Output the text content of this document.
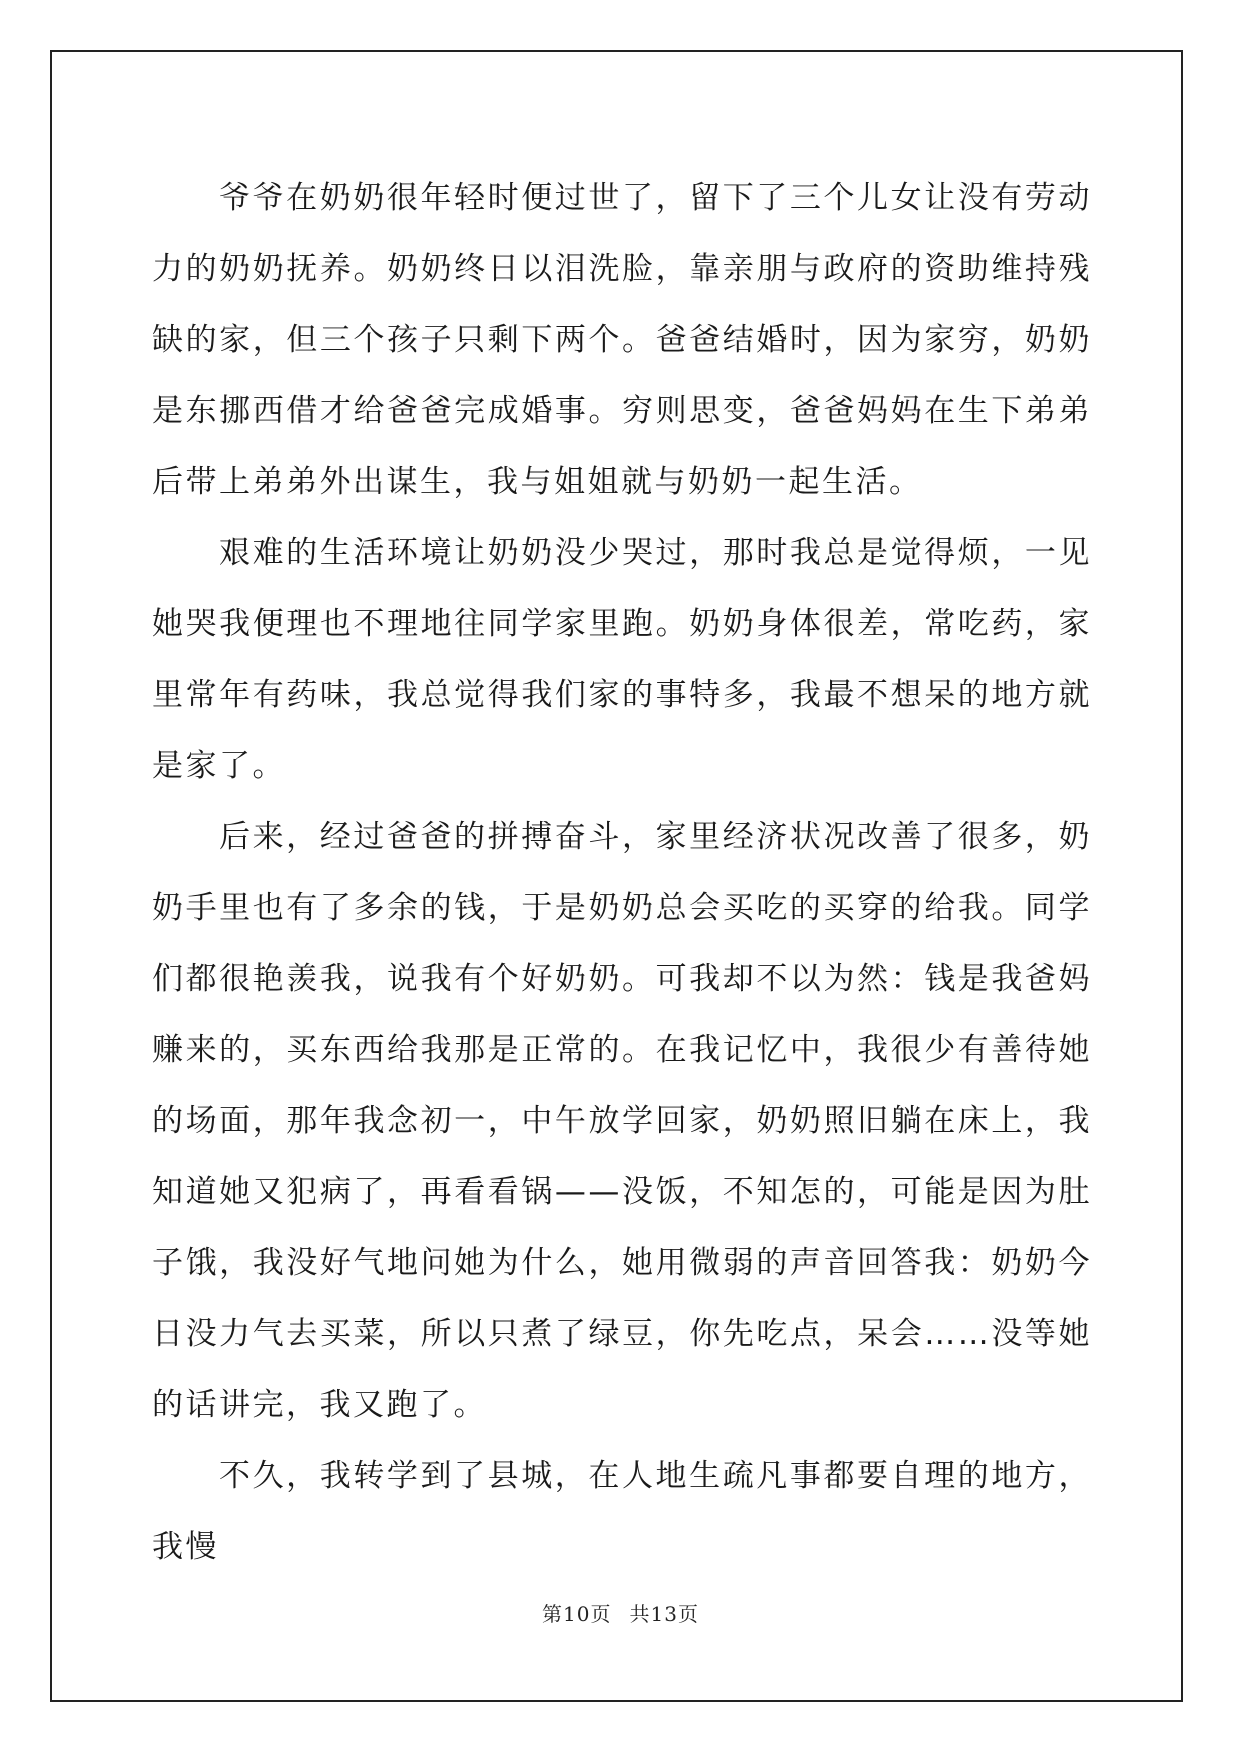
爷爷在奶奶很年轻时便过世了，留下了三个儿女让没有劳动力的奶奶抚养。奶奶终日以泪洗脸，靠亲朋与政府的资助维持残缺的家，但三个孩子只剩下两个。爸爸结婚时，因为家穷，奶奶是东挪西借才给爸爸完成婚事。穷则思变，爸爸妈妈在生下弟弟后带上弟弟外出谋生，我与姐姐就与奶奶一起生活。

艰难的生活环境让奶奶没少哭过，那时我总是觉得烦，一见她哭我便理也不理地往同学家里跑。奶奶身体很差，常吃药，家里常年有药味，我总觉得我们家的事特多，我最不想呆的地方就是家了。

后来，经过爸爸的拼搏奋斗，家里经济状况改善了很多，奶奶手里也有了多余的钱，于是奶奶总会买吃的买穿的给我。同学们都很艳羡我，说我有个好奶奶。可我却不以为然：钱是我爸妈赚来的，买东西给我那是正常的。在我记忆中，我很少有善待她的场面，那年我念初一，中午放学回家，奶奶照旧躺在床上，我知道她又犯病了，再看看锅——没饭，不知怎的，可能是因为肚子饿，我没好气地问她为什么，她用微弱的声音回答我：奶奶今日没力气去买菜，所以只煮了绿豆，你先吃点，呆会……没等她的话讲完，我又跑了。

不久，我转学到了县城，在人地生疏凡事都要自理的地方，我慢

第10页 共13页
